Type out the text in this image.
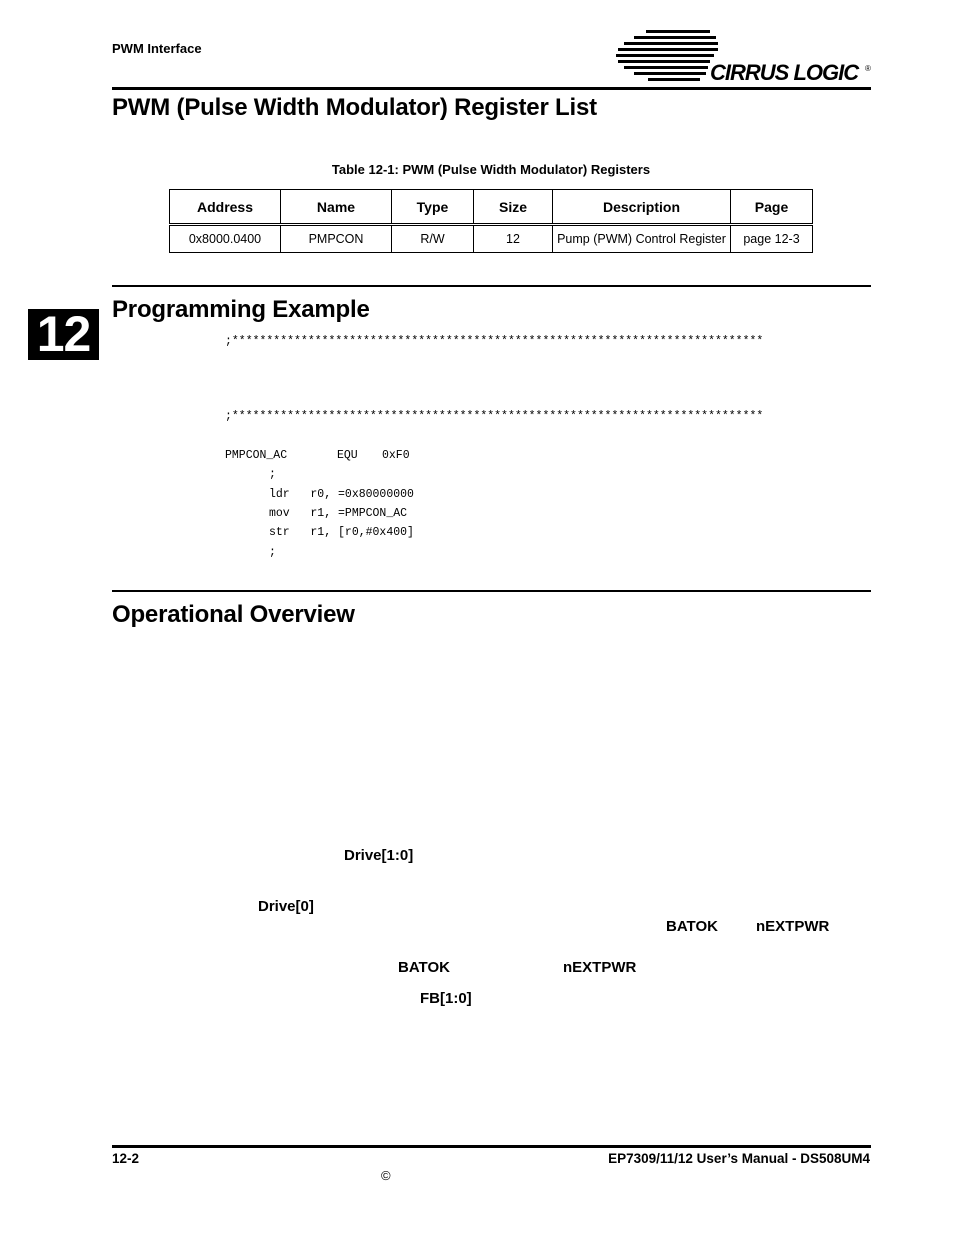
PWM Interface
CIRRUS LOGIC ®
PWM (Pulse Width Modulator) Register List
Table 12-1: PWM (Pulse Width Modulator) Registers
Address	Name	Type	Size	Description	Page
0x8000.0400	PMPCON	R/W	12	Pump (PWM) Control Register	page 12-3
12 Programming Example
;*****************************************************************************
;*****************************************************************************
PMPCON_AC	EQU 0xF0
;
ldr   r0, =0x80000000
mov   r1, =PMPCON_AC
str   r1, [r0,#0x400]
;
Operational Overview
Drive[1:0]
Drive[0]
BATOK	nEXTPWR
BATOK	nEXTPWR
FB[1:0]
12-2	EP7309/11/12 User’s Manual - DS508UM4
©
